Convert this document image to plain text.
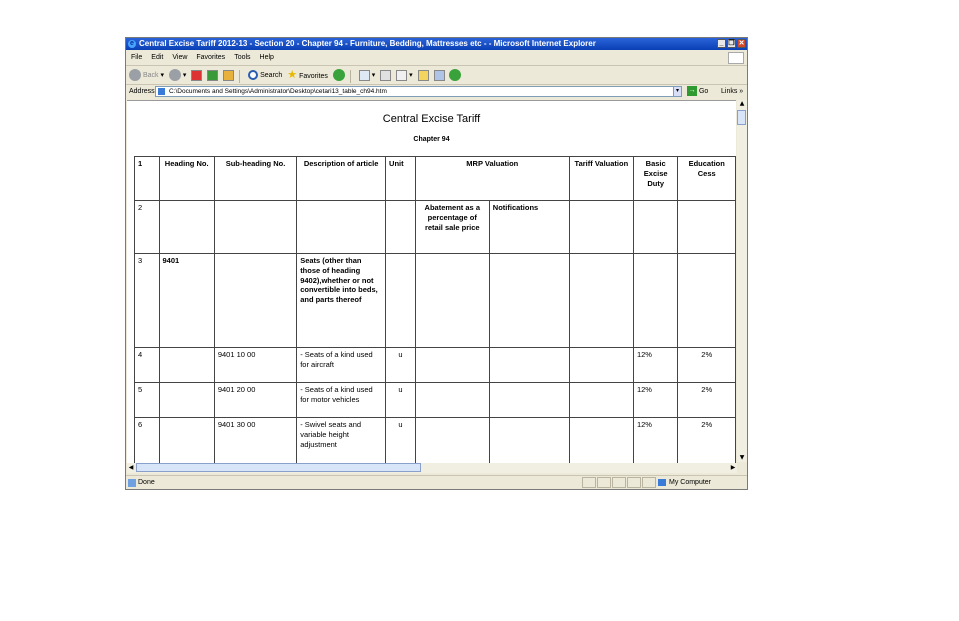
e Central Excise Tariff 2012-13 - Section 20 - Chapter 94 - Furniture, Bedding, Mattresses etc - - Microsoft Internet Explorer	_ ❐ ✕
File Edit View Favorites Tools Help
Back ▾  ▾	Search ★ Favorites	▾	▾
Address	C:\Documents and Settings\Administrator\Desktop\cetari13_table_ch94.htm	▾	→ Go Links »
Central Excise Tariff
Chapter 94
1	Heading No.	Sub-heading No.	Description of article	Unit	MRP Valuation		Tariff Valuation	Basic Excise Duty	Education Cess
2					Abatement as a percentage of retail sale price	Notifications			
3	9401		Seats (other than those of heading 9402),whether or not convertible into beds, and parts thereof						
4		9401 10 00	- Seats of a kind used for aircraft	u				12%	2%
5		9401 20 00	- Seats of a kind used for motor vehicles	u				12%	2%
6		9401 30 00	- Swivel seats and variable height adjustment	u				12%	2%

▲
▼
◀	▶
Done	My Computer
